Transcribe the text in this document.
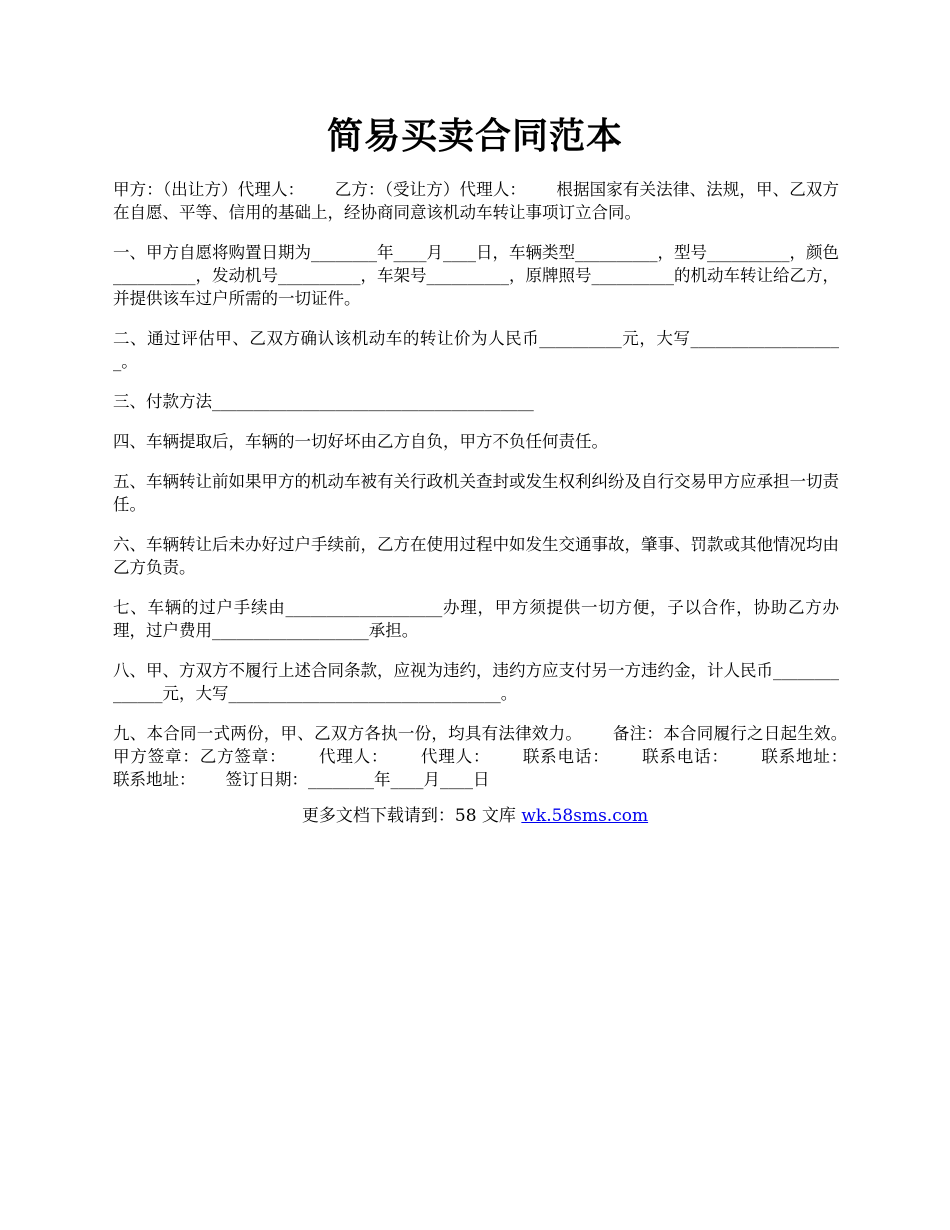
简易买卖合同范本

甲方：（出让方）代理人：　　 乙方：（受让方）代理人：　　 根据国家有关法律、法规，甲、乙双方在自愿、平等、信用的基础上，经协商同意该机动车转让事项订立合同。

一、甲方自愿将购置日期为________年____月____日，车辆类型__________，型号__________，颜色__________，发动机号__________，车架号__________，原牌照号__________的机动车转让给乙方，并提供该车过户所需的一切证件。

二、通过评估甲、乙双方确认该机动车的转让价为人民币__________元，大写___________________。

三、付款方法_______________________________________

四、车辆提取后，车辆的一切好坏由乙方自负，甲方不负任何责任。

五、车辆转让前如果甲方的机动车被有关行政机关查封或发生权利纠纷及自行交易甲方应承担一切责任。

六、车辆转让后未办好过户手续前，乙方在使用过程中如发生交通事故，肇事、罚款或其他情况均由乙方负责。

七、车辆的过户手续由___________________办理，甲方须提供一切方便，子以合作，协助乙方办理，过户费用___________________承担。

八、甲、方双方不履行上述合同条款，应视为违约，违约方应支付另一方违约金，计人民币______________元，大写_________________________________。

九、本合同一式两份，甲、乙双方各执一份，均具有法律效力。　　 备注：本合同履行之日起生效。　　 甲方签章：乙方签章：　　 代理人：　　 代理人：　　 联系电话：　　 联系电话：　　 联系地址：　　 联系地址：　　 签订日期：________年____月____日

更多文档下载请到：58 文库 wk.58sms.com
